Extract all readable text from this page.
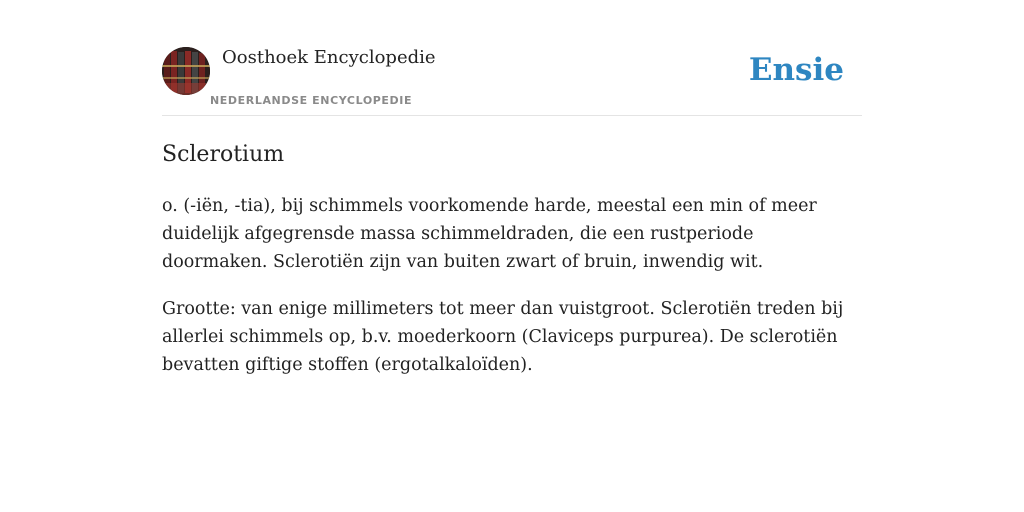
Oosthoek Encyclopedie
NEDERLANDSE ENCYCLOPEDIE
Ensie
Sclerotium

o. (-iën, -tia), bij schimmels voorkomende harde, meestal een min of meer duidelijk afgegrensde massa schimmeldraden, die een rustperiode doormaken. Sclerotiën zijn van buiten zwart of bruin, inwendig wit.

Grootte: van enige millimeters tot meer dan vuistgroot. Sclerotiën treden bij allerlei schimmels op, b.v. moederkoorn (Claviceps purpurea). De sclerotiën bevatten giftige stoffen (ergotalkaloïden).
